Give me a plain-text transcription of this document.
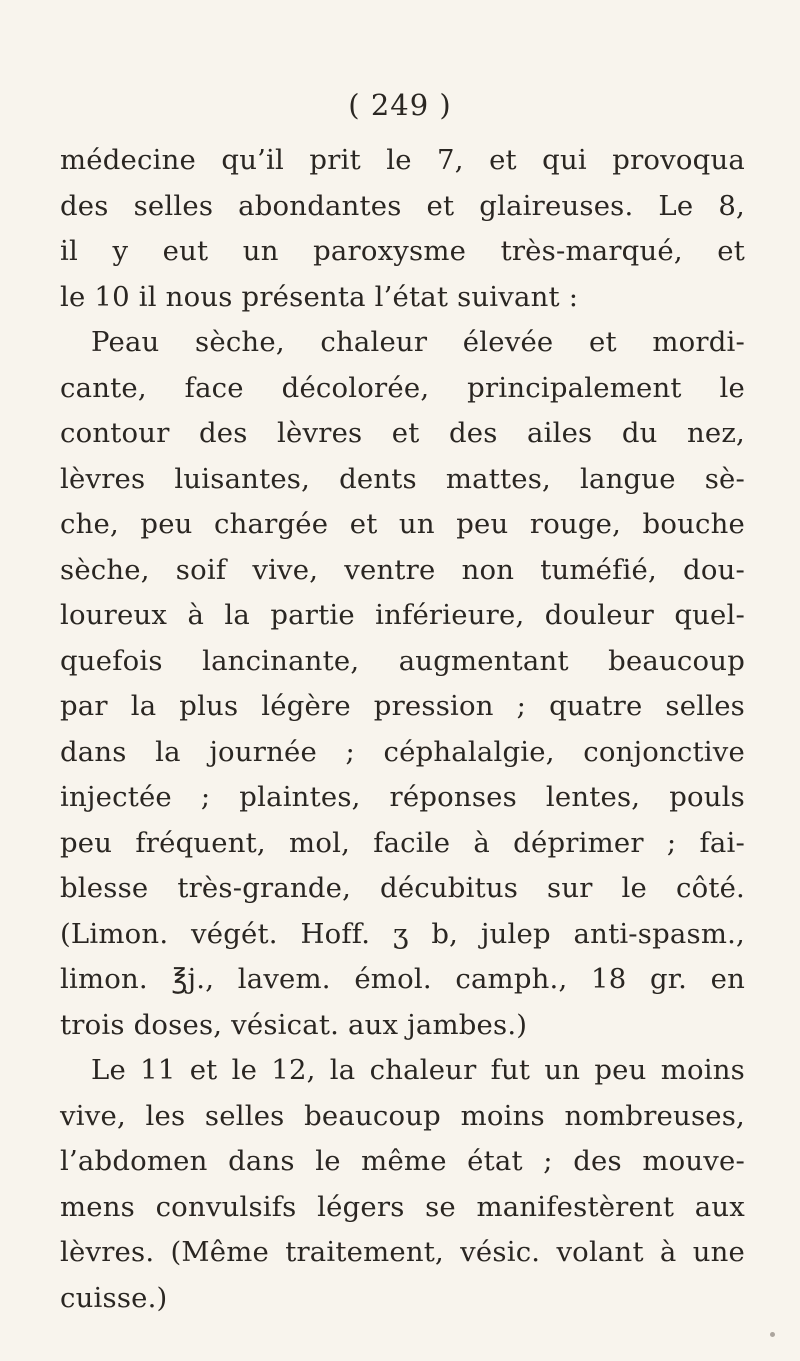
( 249 )
médecine qu’il prit le 7, et qui provoqua
des selles abondantes et glaireuses. Le 8,
il y eut un paroxysme très-marqué, et
le 10 il nous présenta l’état suivant :
Peau sèche, chaleur élevée et mordi-
cante, face décolorée, principalement le
contour des lèvres et des ailes du nez,
lèvres luisantes, dents mattes, langue sè-
che, peu chargée et un peu rouge, bouche
sèche, soif vive, ventre non tuméfié, dou-
loureux à la partie inférieure, douleur quel-
quefois lancinante, augmentant beaucoup
par la plus légère pression ; quatre selles
dans la journée ; céphalalgie, conjonctive
injectée ; plaintes, réponses lentes, pouls
peu fréquent, mol, facile à déprimer ; fai-
blesse très-grande, décubitus sur le côté.
(Limon. végét. Hoff. ʒ b, julep anti-spasm.,
limon. ℥j., lavem. émol. camph., 18 gr. en
trois doses, vésicat. aux jambes.)
Le 11 et le 12, la chaleur fut un peu moins
vive, les selles beaucoup moins nombreuses,
l’abdomen dans le même état ; des mouve-
mens convulsifs légers se manifestèrent aux
lèvres. (Même traitement, vésic. volant à une
cuisse.)
